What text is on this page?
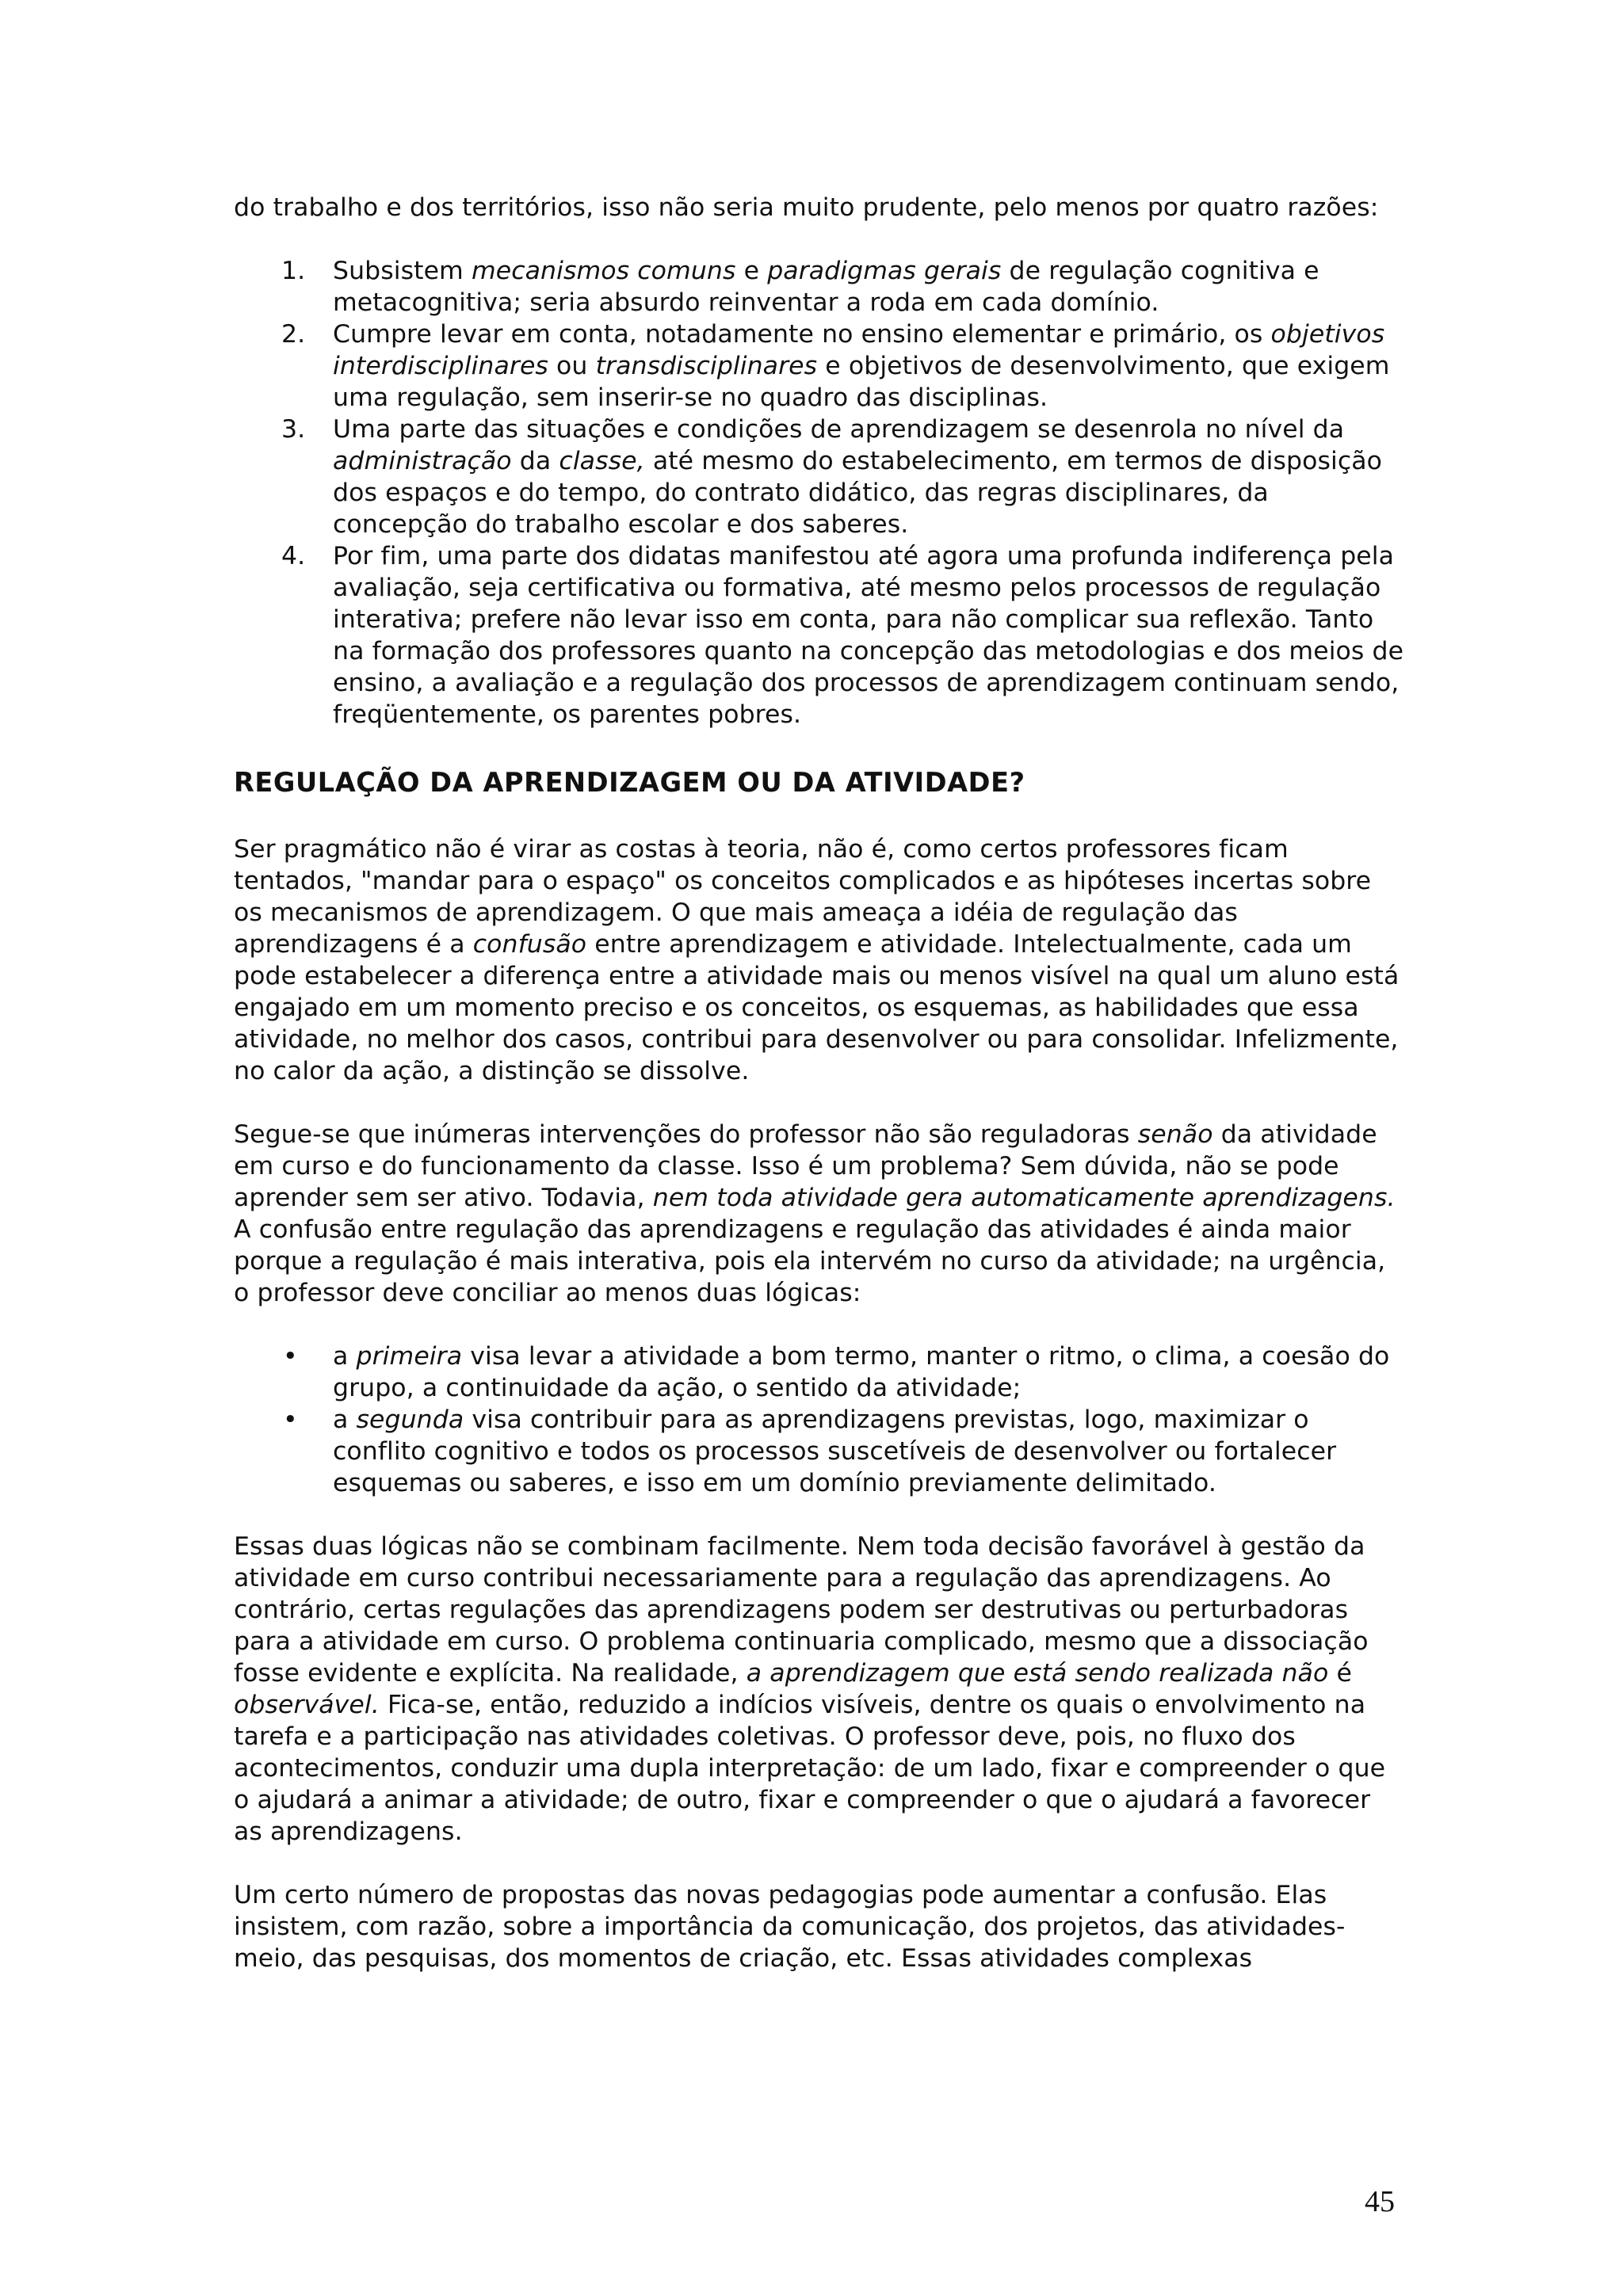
do trabalho e dos territórios, isso não seria muito prudente, pelo menos por quatro razões:

1. Subsistem mecanismos comuns e paradigmas gerais de regulação cognitiva e metacognitiva; seria absurdo reinventar a roda em cada domínio.
2. Cumpre levar em conta, notadamente no ensino elementar e primário, os objetivos interdisciplinares ou transdisciplinares e objetivos de desenvolvimento, que exigem uma regulação, sem inserir-se no quadro das disciplinas.
3. Uma parte das situações e condições de aprendizagem se desenrola no nível da administração da classe, até mesmo do estabelecimento, em termos de disposição dos espaços e do tempo, do contrato didático, das regras disciplinares, da concepção do trabalho escolar e dos saberes.
4. Por fim, uma parte dos didatas manifestou até agora uma profunda indiferença pela avaliação, seja certificativa ou formativa, até mesmo pelos processos de regulação interativa; prefere não levar isso em conta, para não complicar sua reflexão. Tanto na formação dos professores quanto na concepção das metodologias e dos meios de ensino, a avaliação e a regulação dos processos de aprendizagem continuam sendo, freqüentemente, os parentes pobres.
REGULAÇÃO DA APRENDIZAGEM OU DA ATIVIDADE?

Ser pragmático não é virar as costas à teoria, não é, como certos professores ficam tentados, "mandar para o espaço" os conceitos complicados e as hipóteses incertas sobre os mecanismos de aprendizagem. O que mais ameaça a idéia de regulação das aprendizagens é a confusão entre aprendizagem e atividade. Intelectualmente, cada um pode estabelecer a diferença entre a atividade mais ou menos visível na qual um aluno está engajado em um momento preciso e os conceitos, os esquemas, as habilidades que essa atividade, no melhor dos casos, contribui para desenvolver ou para consolidar. Infelizmente, no calor da ação, a distinção se dissolve.

Segue-se que inúmeras intervenções do professor não são reguladoras senão da atividade em curso e do funcionamento da classe. Isso é um problema? Sem dúvida, não se pode aprender sem ser ativo. Todavia, nem toda atividade gera automaticamente aprendizagens. A confusão entre regulação das aprendizagens e regulação das atividades é ainda maior porque a regulação é mais interativa, pois ela intervém no curso da atividade; na urgência, o professor deve conciliar ao menos duas lógicas:

• a primeira visa levar a atividade a bom termo, manter o ritmo, o clima, a coesão do grupo, a continuidade da ação, o sentido da atividade;
• a segunda visa contribuir para as aprendizagens previstas, logo, maximizar o conflito cognitivo e todos os processos suscetíveis de desenvolver ou fortalecer esquemas ou saberes, e isso em um domínio previamente delimitado.

Essas duas lógicas não se combinam facilmente. Nem toda decisão favorável à gestão da atividade em curso contribui necessariamente para a regulação das aprendizagens. Ao contrário, certas regulações das aprendizagens podem ser destrutivas ou perturbadoras para a atividade em curso. O problema continuaria complicado, mesmo que a dissociação fosse evidente e explícita. Na realidade, a aprendizagem que está sendo realizada não é observável. Fica-se, então, reduzido a indícios visíveis, dentre os quais o envolvimento na tarefa e a participação nas atividades coletivas. O professor deve, pois, no fluxo dos acontecimentos, conduzir uma dupla interpretação: de um lado, fixar e compreender o que o ajudará a animar a atividade; de outro, fixar e compreender o que o ajudará a favorecer as aprendizagens.

Um certo número de propostas das novas pedagogias pode aumentar a confusão. Elas insistem, com razão, sobre a importância da comunicação, dos projetos, das atividades-meio, das pesquisas, dos momentos de criação, etc. Essas atividades complexas

45
